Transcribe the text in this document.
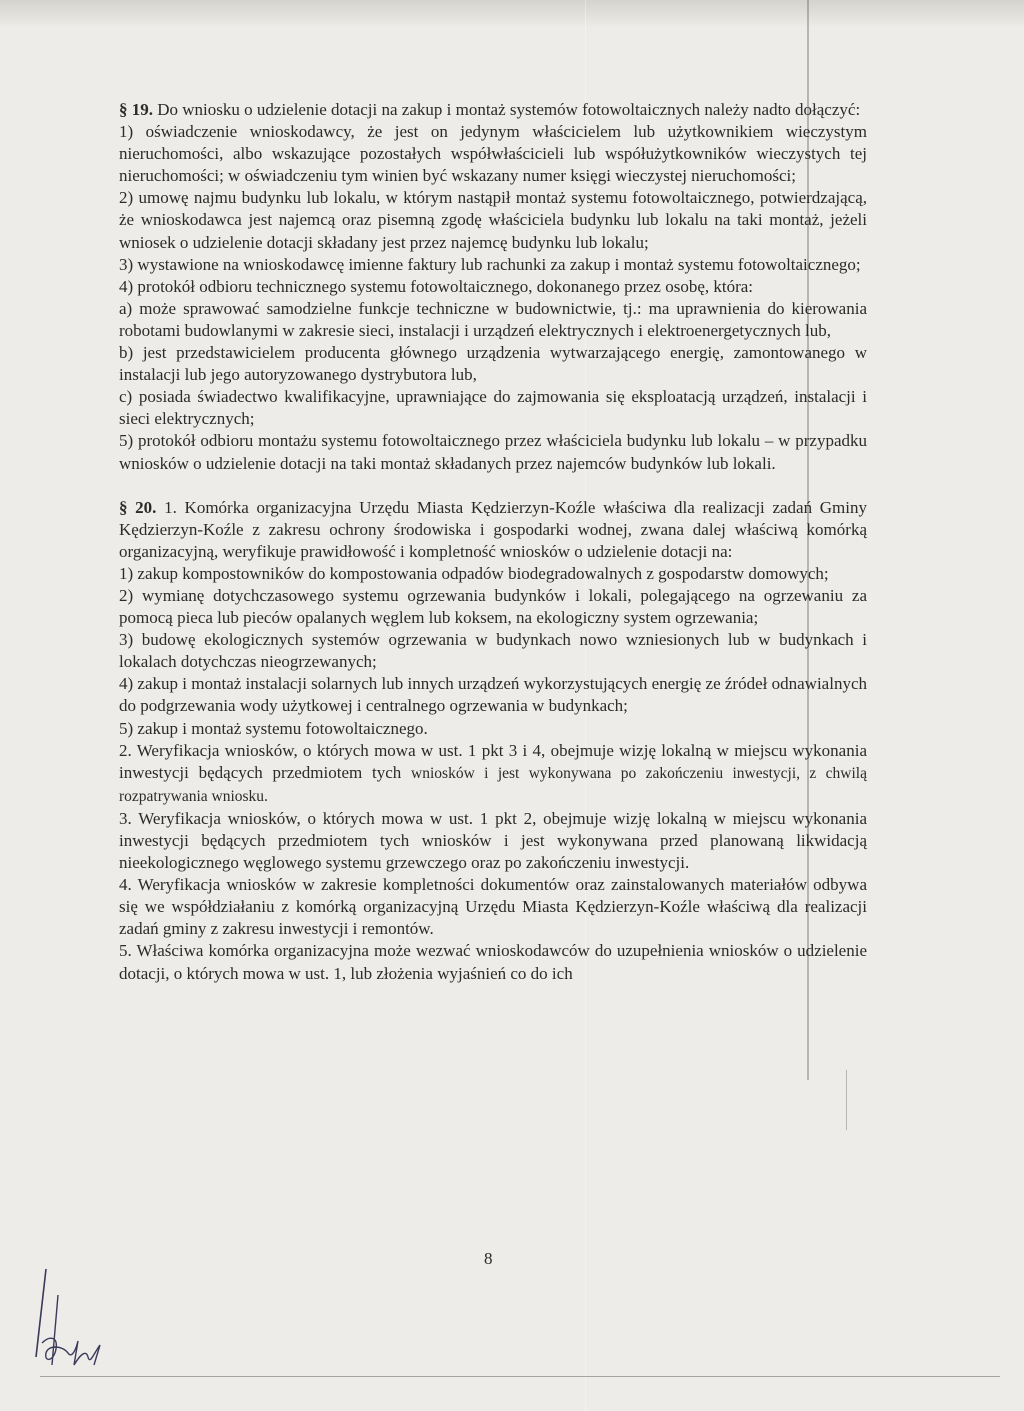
§ 19. Do wniosku o udzielenie dotacji na zakup i montaż systemów fotowoltaicznych należy nadto dołączyć:

1) oświadczenie wnioskodawcy, że jest on jedynym właścicielem lub użytkownikiem wieczystym nieruchomości, albo wskazujące pozostałych współwłaścicieli lub współużytkowników wieczystych tej nieruchomości; w oświadczeniu tym winien być wskazany numer księgi wieczystej nieruchomości;

2) umowę najmu budynku lub lokalu, w którym nastąpił montaż systemu fotowoltaicznego, potwierdzającą, że wnioskodawca jest najemcą oraz pisemną zgodę właściciela budynku lub lokalu na taki montaż, jeżeli wniosek o udzielenie dotacji składany jest przez najemcę budynku lub lokalu;

3) wystawione na wnioskodawcę imienne faktury lub rachunki za zakup i montaż systemu fotowoltaicznego;

4) protokół odbioru technicznego systemu fotowoltaicznego, dokonanego przez osobę, która:

a) może sprawować samodzielne funkcje techniczne w budownictwie, tj.: ma uprawnienia do kierowania robotami budowlanymi w zakresie sieci, instalacji i urządzeń elektrycznych i elektroenergetycznych lub,

b) jest przedstawicielem producenta głównego urządzenia wytwarzającego energię, zamontowanego w instalacji lub jego autoryzowanego dystrybutora lub,

c) posiada świadectwo kwalifikacyjne, uprawniające do zajmowania się eksploatacją urządzeń, instalacji i sieci elektrycznych;

5) protokół odbioru montażu systemu fotowoltaicznego przez właściciela budynku lub lokalu – w przypadku wniosków o udzielenie dotacji na taki montaż składanych przez najemców budynków lub lokali.

§ 20. 1. Komórka organizacyjna Urzędu Miasta Kędzierzyn-Koźle właściwa dla realizacji zadań Gminy Kędzierzyn-Koźle z zakresu ochrony środowiska i gospodarki wodnej, zwana dalej właściwą komórką organizacyjną, weryfikuje prawidłowość i kompletność wniosków o udzielenie dotacji na:

1) zakup kompostowników do kompostowania odpadów biodegradowalnych z gospodarstw domowych;

2) wymianę dotychczasowego systemu ogrzewania budynków i lokali, polegającego na ogrzewaniu za pomocą pieca lub pieców opalanych węglem lub koksem, na ekologiczny system ogrzewania;

3) budowę ekologicznych systemów ogrzewania w budynkach nowo wzniesionych lub w budynkach i lokalach dotychczas nieogrzewanych;

4) zakup i montaż instalacji solarnych lub innych urządzeń wykorzystujących energię ze źródeł odnawialnych do podgrzewania wody użytkowej i centralnego ogrzewania w budynkach;

5) zakup i montaż systemu fotowoltaicznego.

2. Weryfikacja wniosków, o których mowa w ust. 1 pkt 3 i 4, obejmuje wizję lokalną w miejscu wykonania inwestycji będących przedmiotem tych wniosków i jest wykonywana po zakończeniu inwestycji, z chwilą rozpatrywania wniosku.

3. Weryfikacja wniosków, o których mowa w ust. 1 pkt 2, obejmuje wizję lokalną w miejscu wykonania inwestycji będących przedmiotem tych wniosków i jest wykonywana przed planowaną likwidacją nieekologicznego węglowego systemu grzewczego oraz po zakończeniu inwestycji.

4. Weryfikacja wniosków w zakresie kompletności dokumentów oraz zainstalowanych materiałów odbywa się we współdziałaniu z komórką organizacyjną Urzędu Miasta Kędzierzyn-Koźle właściwą dla realizacji zadań gminy z zakresu inwestycji i remontów.

5. Właściwa komórka organizacyjna może wezwać wnioskodawców do uzupełnienia wniosków o udzielenie dotacji, o których mowa w ust. 1, lub złożenia wyjaśnień co do ich

8
